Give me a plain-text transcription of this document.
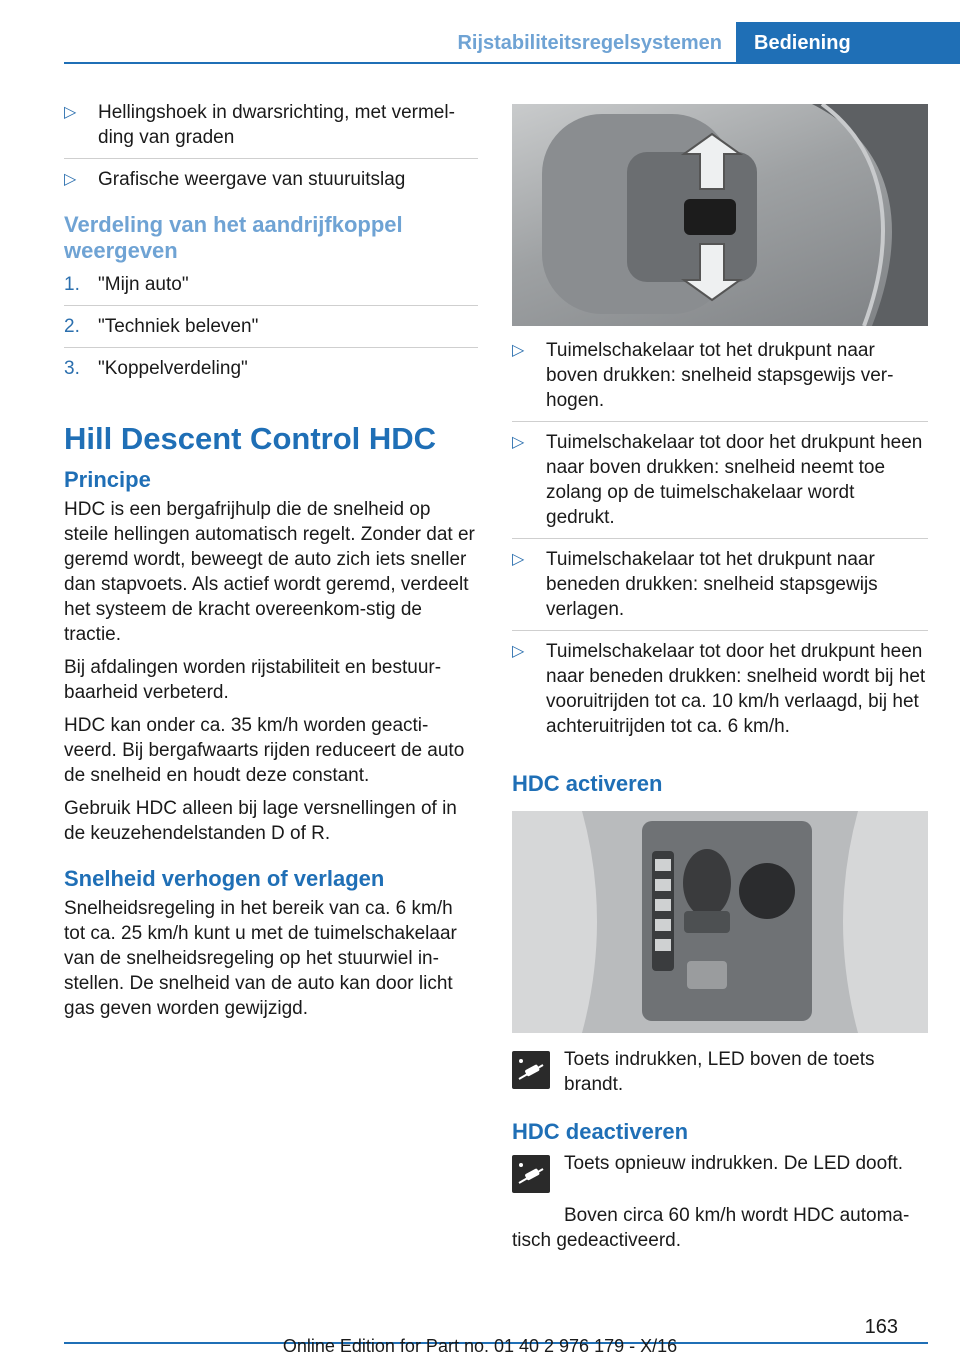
Rijstabiliteitsregelsystemen	Bediening

▷ Hellingshoek in dwarsrichting, met vermel‐ding van graden

▷ Grafische weergave van stuuruitslag

Verdeling van het aandrijfkoppel weergeven

1. "Mijn auto"

2. "Techniek beleven"

3. "Koppelverdeling"

Hill Descent Control HDC
Principe

HDC is een bergafrijhulp die de snelheid op steile hellingen automatisch regelt. Zonder dat er geremd wordt, beweegt de auto zich iets sneller dan stapvoets. Als actief wordt geremd, verdeelt het systeem de kracht overeenkom‐stig de tractie.

Bij afdalingen worden rijstabiliteit en bestuur‐baarheid verbeterd.

HDC kan onder ca. 35 km/h worden geacti‐veerd. Bij bergafwaarts rijden reduceert de auto de snelheid en houdt deze constant.

Gebruik HDC alleen bij lage versnellingen of in de keuzehendelstanden D of R.

Snelheid verhogen of verlagen

Snelheidsregeling in het bereik van ca. 6 km/h tot ca. 25 km/h kunt u met de tuimelschakelaar van de snelheidsregeling op het stuurwiel in‐stellen. De snelheid van de auto kan door licht gas geven worden gewijzigd.

▷ Tuimelschakelaar tot het drukpunt naar boven drukken: snelheid stapsgewijs ver‐hogen.

▷ Tuimelschakelaar tot door het drukpunt heen naar boven drukken: snelheid neemt toe zolang op de tuimelschakelaar wordt gedrukt.

▷ Tuimelschakelaar tot het drukpunt naar beneden drukken: snelheid stapsgewijs verlagen.

▷ Tuimelschakelaar tot door het drukpunt heen naar beneden drukken: snelheid wordt bij het vooruitrijden tot ca. 10 km/h verlaagd, bij het achteruitrijden tot ca. 6 km/h.

HDC activeren
Toets indrukken, LED boven de toets brandt.
HDC deactiveren
Toets opnieuw indrukken. De LED dooft.

Boven circa 60 km/h wordt HDC automa‐tisch gedeactiveerd.

163
Online Edition for Part no. 01 40 2 976 179 - X/16
